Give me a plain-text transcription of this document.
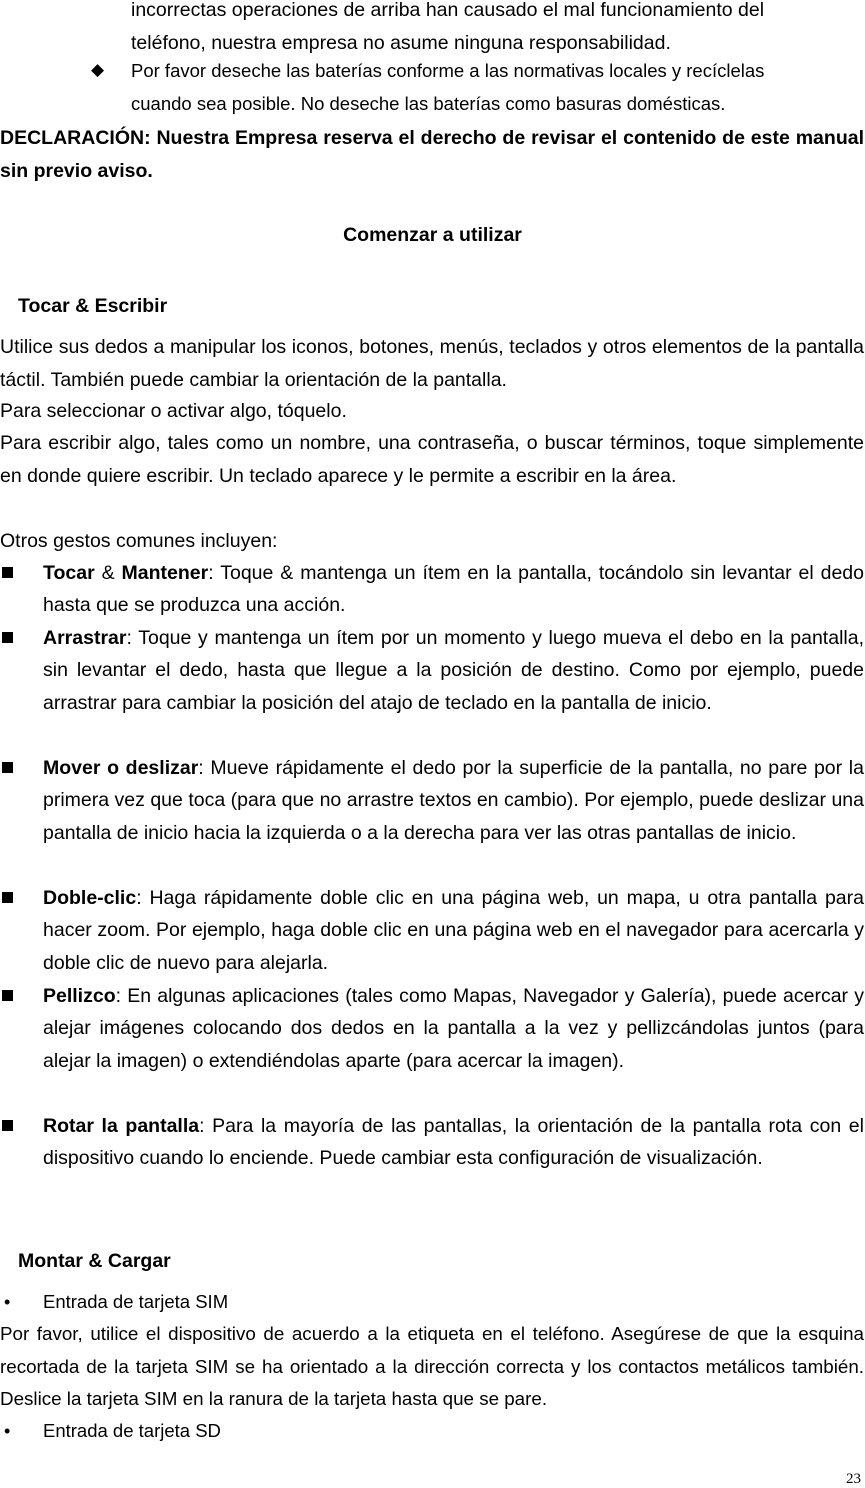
incorrectas operaciones de arriba han causado el mal funcionamiento del
teléfono, nuestra empresa no asume ninguna responsabilidad.
◆ Por favor deseche las baterías conforme a las normativas locales y recíclelas
cuando sea posible. No deseche las baterías como basuras domésticas.

DECLARACIÓN: Nuestra Empresa reserva el derecho de revisar el contenido de este manual sin previo aviso.

Comenzar a utilizar
Tocar & Escribir

Utilice sus dedos a manipular los iconos, botones, menús, teclados y otros elementos de la pantalla táctil. También puede cambiar la orientación de la pantalla.

Para seleccionar o activar algo, tóquelo.

Para escribir algo, tales como un nombre, una contraseña, o buscar términos, toque simplemente en donde quiere escribir. Un teclado aparece y le permite a escribir en la área.

Otros gestos comunes incluyen:

Tocar & Mantener: Toque & mantenga un ítem en la pantalla, tocándolo sin levantar el dedo hasta que se produzca una acción.

Arrastrar: Toque y mantenga un ítem por un momento y luego mueva el debo en la pantalla, sin levantar el dedo, hasta que llegue a la posición de destino. Como por ejemplo, puede arrastrar para cambiar la posición del atajo de teclado en la pantalla de inicio.

Mover o deslizar: Mueve rápidamente el dedo por la superficie de la pantalla, no pare por la primera vez que toca (para que no arrastre textos en cambio). Por ejemplo, puede deslizar una pantalla de inicio hacia la izquierda o a la derecha para ver las otras pantallas de inicio.

Doble-clic: Haga rápidamente doble clic en una página web, un mapa, u otra pantalla para hacer zoom. Por ejemplo, haga doble clic en una página web en el navegador para acercarla y doble clic de nuevo para alejarla.

Pellizco: En algunas aplicaciones (tales como Mapas, Navegador y Galería), puede acercar y alejar imágenes colocando dos dedos en la pantalla a la vez y pellizcándolas juntos (para alejar la imagen) o extendiéndolas aparte (para acercar la imagen).

Rotar la pantalla: Para la mayoría de las pantallas, la orientación de la pantalla rota con el dispositivo cuando lo enciende. Puede cambiar esta configuración de visualización.

Montar & Cargar
• Entrada de tarjeta SIM

Por favor, utilice el dispositivo de acuerdo a la etiqueta en el teléfono. Asegúrese de que la esquina recortada de la tarjeta SIM se ha orientado a la dirección correcta y los contactos metálicos también. Deslice la tarjeta SIM en la ranura de la tarjeta hasta que se pare.

• Entrada de tarjeta SD
23
